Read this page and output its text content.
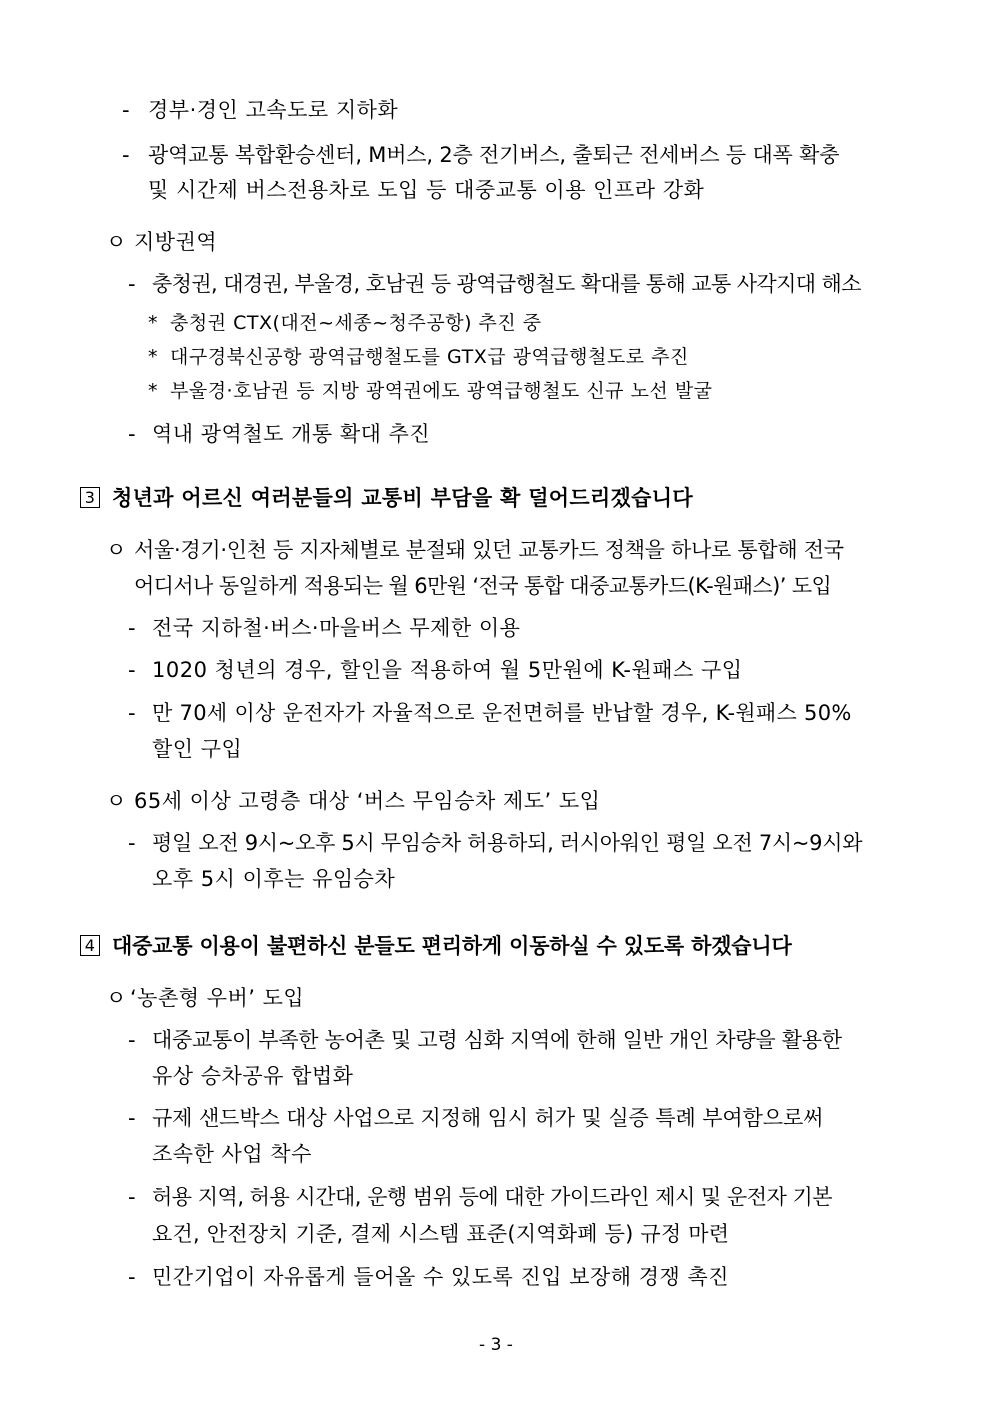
- 경부·경인 고속도로 지하화
- 광역교통 복합환승센터, M버스, 2층 전기버스, 출퇴근 전세버스 등 대폭 확충
및 시간제 버스전용차로 도입 등 대중교통 이용 인프라 강화
ㅇ 지방권역
- 충청권, 대경권, 부울경, 호남권 등 광역급행철도 확대를 통해 교통 사각지대 해소
* 충청권 CTX(대전~세종~청주공항) 추진 중
* 대구경북신공항 광역급행철도를 GTX급 광역급행철도로 추진
* 부울경·호남권 등 지방 광역권에도 광역급행철도 신규 노선 발굴
- 역내 광역철도 개통 확대 추진
3 청년과 어르신 여러분들의 교통비 부담을 확 덜어드리겠습니다
ㅇ 서울·경기·인천 등 지자체별로 분절돼 있던 교통카드 정책을 하나로 통합해 전국
어디서나 동일하게 적용되는 월 6만원 ‘전국 통합 대중교통카드(K-원패스)’ 도입
- 전국 지하철·버스·마을버스 무제한 이용
- 1020 청년의 경우, 할인을 적용하여 월 5만원에 K-원패스 구입
- 만 70세 이상 운전자가 자율적으로 운전면허를 반납할 경우, K-원패스 50%
할인 구입
ㅇ 65세 이상 고령층 대상 ‘버스 무임승차 제도’ 도입
- 평일 오전 9시~오후 5시 무임승차 허용하되, 러시아워인 평일 오전 7시~9시와
오후 5시 이후는 유임승차
4 대중교통 이용이 불편하신 분들도 편리하게 이동하실 수 있도록 하겠습니다
ㅇ ‘농촌형 우버’ 도입
- 대중교통이 부족한 농어촌 및 고령 심화 지역에 한해 일반 개인 차량을 활용한
유상 승차공유 합법화
- 규제 샌드박스 대상 사업으로 지정해 임시 허가 및 실증 특례 부여함으로써
조속한 사업 착수
- 허용 지역, 허용 시간대, 운행 범위 등에 대한 가이드라인 제시 및 운전자 기본
요건, 안전장치 기준, 결제 시스템 표준(지역화폐 등) 규정 마련
- 민간기업이 자유롭게 들어올 수 있도록 진입 보장해 경쟁 촉진
- 3 -
